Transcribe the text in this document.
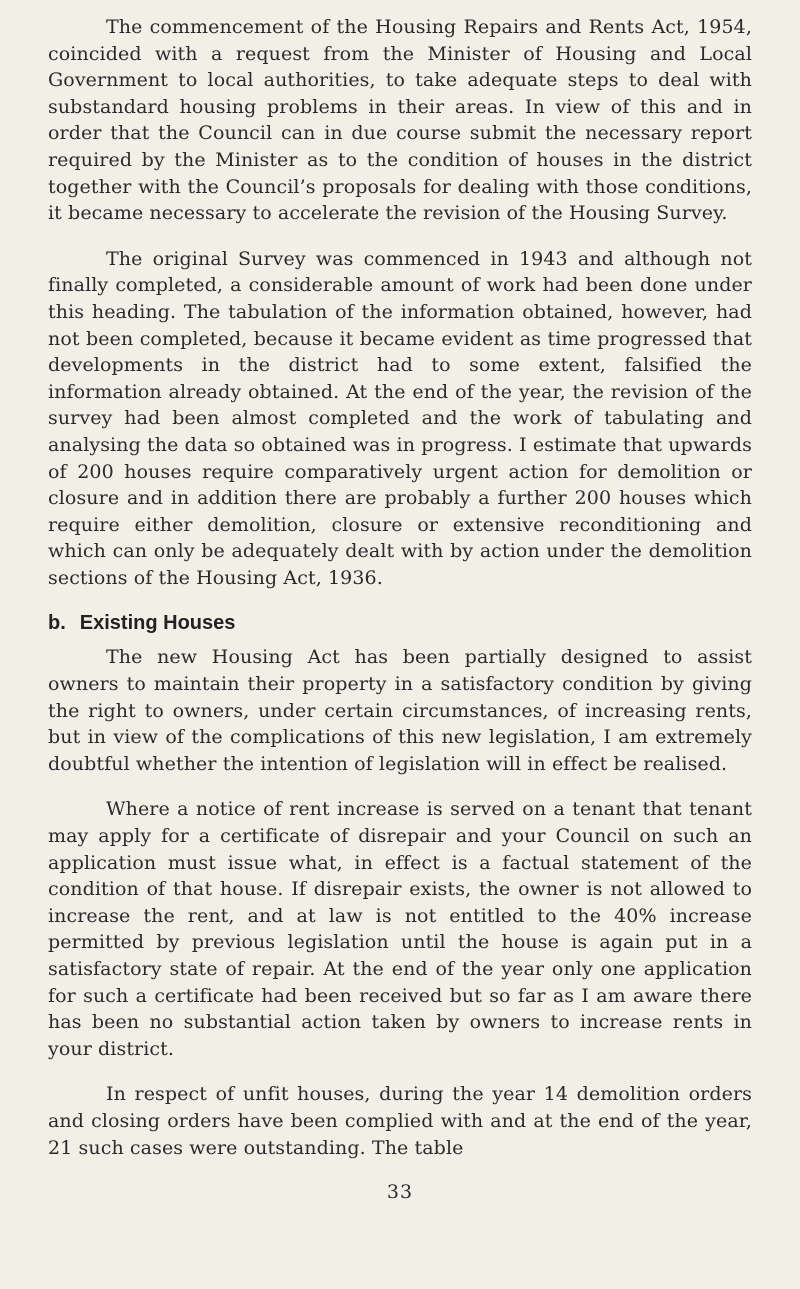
The commencement of the Housing Repairs and Rents Act, 1954, coincided with a request from the Minister of Housing and Local Government to local authorities, to take adequate steps to deal with substandard housing problems in their areas. In view of this and in order that the Council can in due course submit the necessary report required by the Minister as to the condition of houses in the district together with the Council’s proposals for dealing with those conditions, it became necessary to accelerate the revision of the Housing Survey.

The original Survey was commenced in 1943 and although not finally completed, a considerable amount of work had been done under this heading. The tabulation of the information obtained, however, had not been completed, because it became evident as time progressed that developments in the district had to some extent, falsified the information already obtained. At the end of the year, the revision of the survey had been almost completed and the work of tabulating and analysing the data so obtained was in progress. I estimate that upwards of 200 houses require comparatively urgent action for demolition or closure and in addition there are probably a further 200 houses which require either demolition, closure or extensive reconditioning and which can only be adequately dealt with by action under the demolition sections of the Housing Act, 1936.

b. Existing Houses

The new Housing Act has been partially designed to assist owners to maintain their property in a satisfactory condition by giving the right to owners, under certain circumstances, of increasing rents, but in view of the complications of this new legislation, I am extremely doubtful whether the intention of legislation will in effect be realised.

Where a notice of rent increase is served on a tenant that tenant may apply for a certificate of disrepair and your Council on such an application must issue what, in effect is a factual statement of the condition of that house. If disrepair exists, the owner is not allowed to increase the rent, and at law is not entitled to the 40% increase permitted by previous legislation until the house is again put in a satisfactory state of repair. At the end of the year only one application for such a certificate had been received but so far as I am aware there has been no substantial action taken by owners to increase rents in your district.

In respect of unfit houses, during the year 14 demolition orders and closing orders have been complied with and at the end of the year, 21 such cases were outstanding. The table

33
